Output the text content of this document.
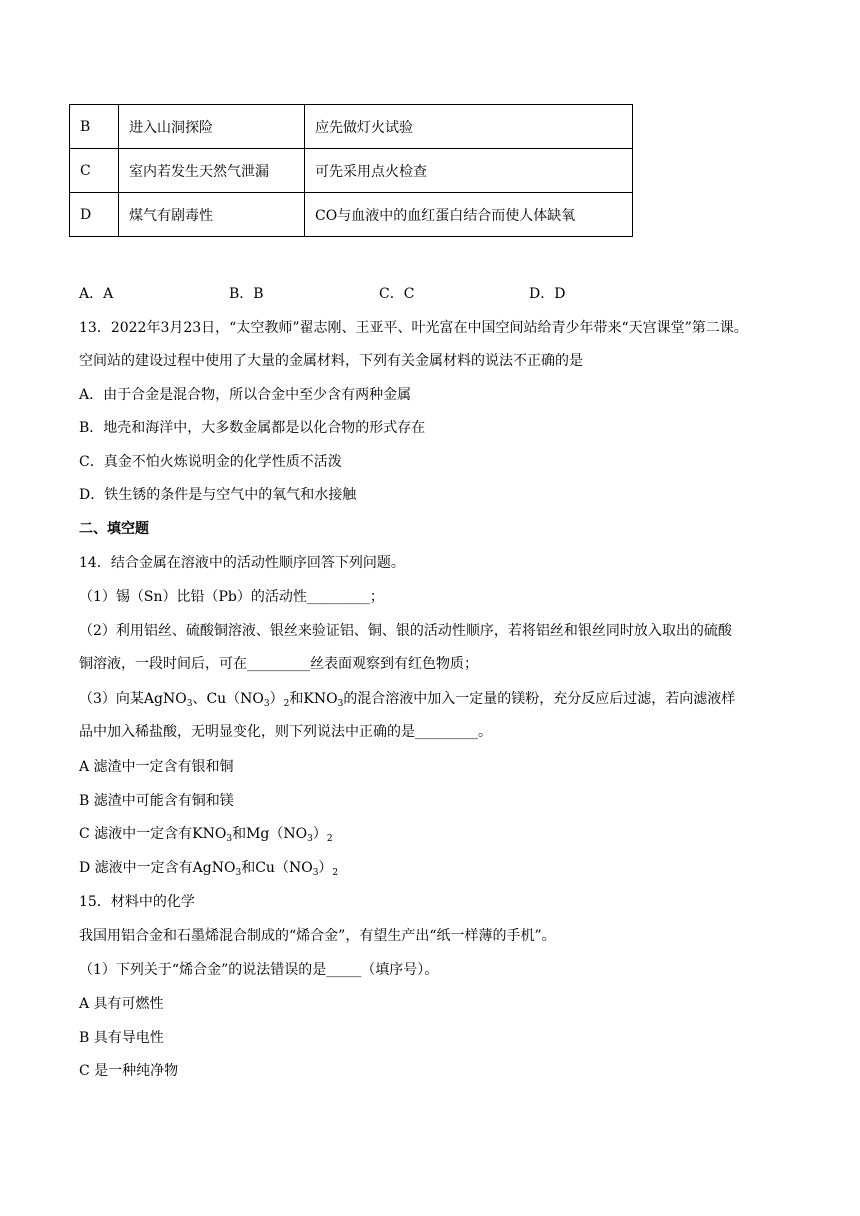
B	进入山洞探险	应先做灯火试验
C	室内若发生天然气泄漏	可先采用点火检查
D	煤气有剧毒性	CO与血液中的血红蛋白结合而使人体缺氧
A．A	B．B	C．C	D．D
13．2022年3月23日，“太空教师”翟志刚、王亚平、叶光富在中国空间站给青少年带来“天宫课堂”第二课。
空间站的建设过程中使用了大量的金属材料，下列有关金属材料的说法不正确的是
A．由于合金是混合物，所以合金中至少含有两种金属
B．地壳和海洋中，大多数金属都是以化合物的形式存在
C．真金不怕火炼说明金的化学性质不活泼
D．铁生锈的条件是与空气中的氧气和水接触
二、填空题
14．结合金属在溶液中的活动性顺序回答下列问题。
（1）锡（Sn）比铅（Pb）的活动性_________；
（2）利用铝丝、硫酸铜溶液、银丝来验证铝、铜、银的活动性顺序，若将铝丝和银丝同时放入取出的硫酸
铜溶液，一段时间后，可在_________丝表面观察到有红色物质；
（3）向某AgNO$_3$、$Cu(NO_3)_2$和$KNO_3$的混合溶液中加入一定量的镁粉，充分反应后过滤，若向滤液样
品中加入稀盐酸，无明显变化，则下列说法中正确的是_________。
A 滤渣中一定含有银和铜
B 滤渣中可能含有铜和镁
C 滤液中一定含有$KNO_3$和$Mg(NO_3)_2$
D 滤液中一定含有AgNO$_3$和$Cu(NO_3)_2$
15．材料中的化学
我国用铝合金和石墨烯混合制成的“烯合金”，有望生产出“纸一样薄的手机”。
（1）下列关于“烯合金”的说法错误的是_____（填序号）。
A 具有可燃性
B 具有导电性
C 是一种纯净物
